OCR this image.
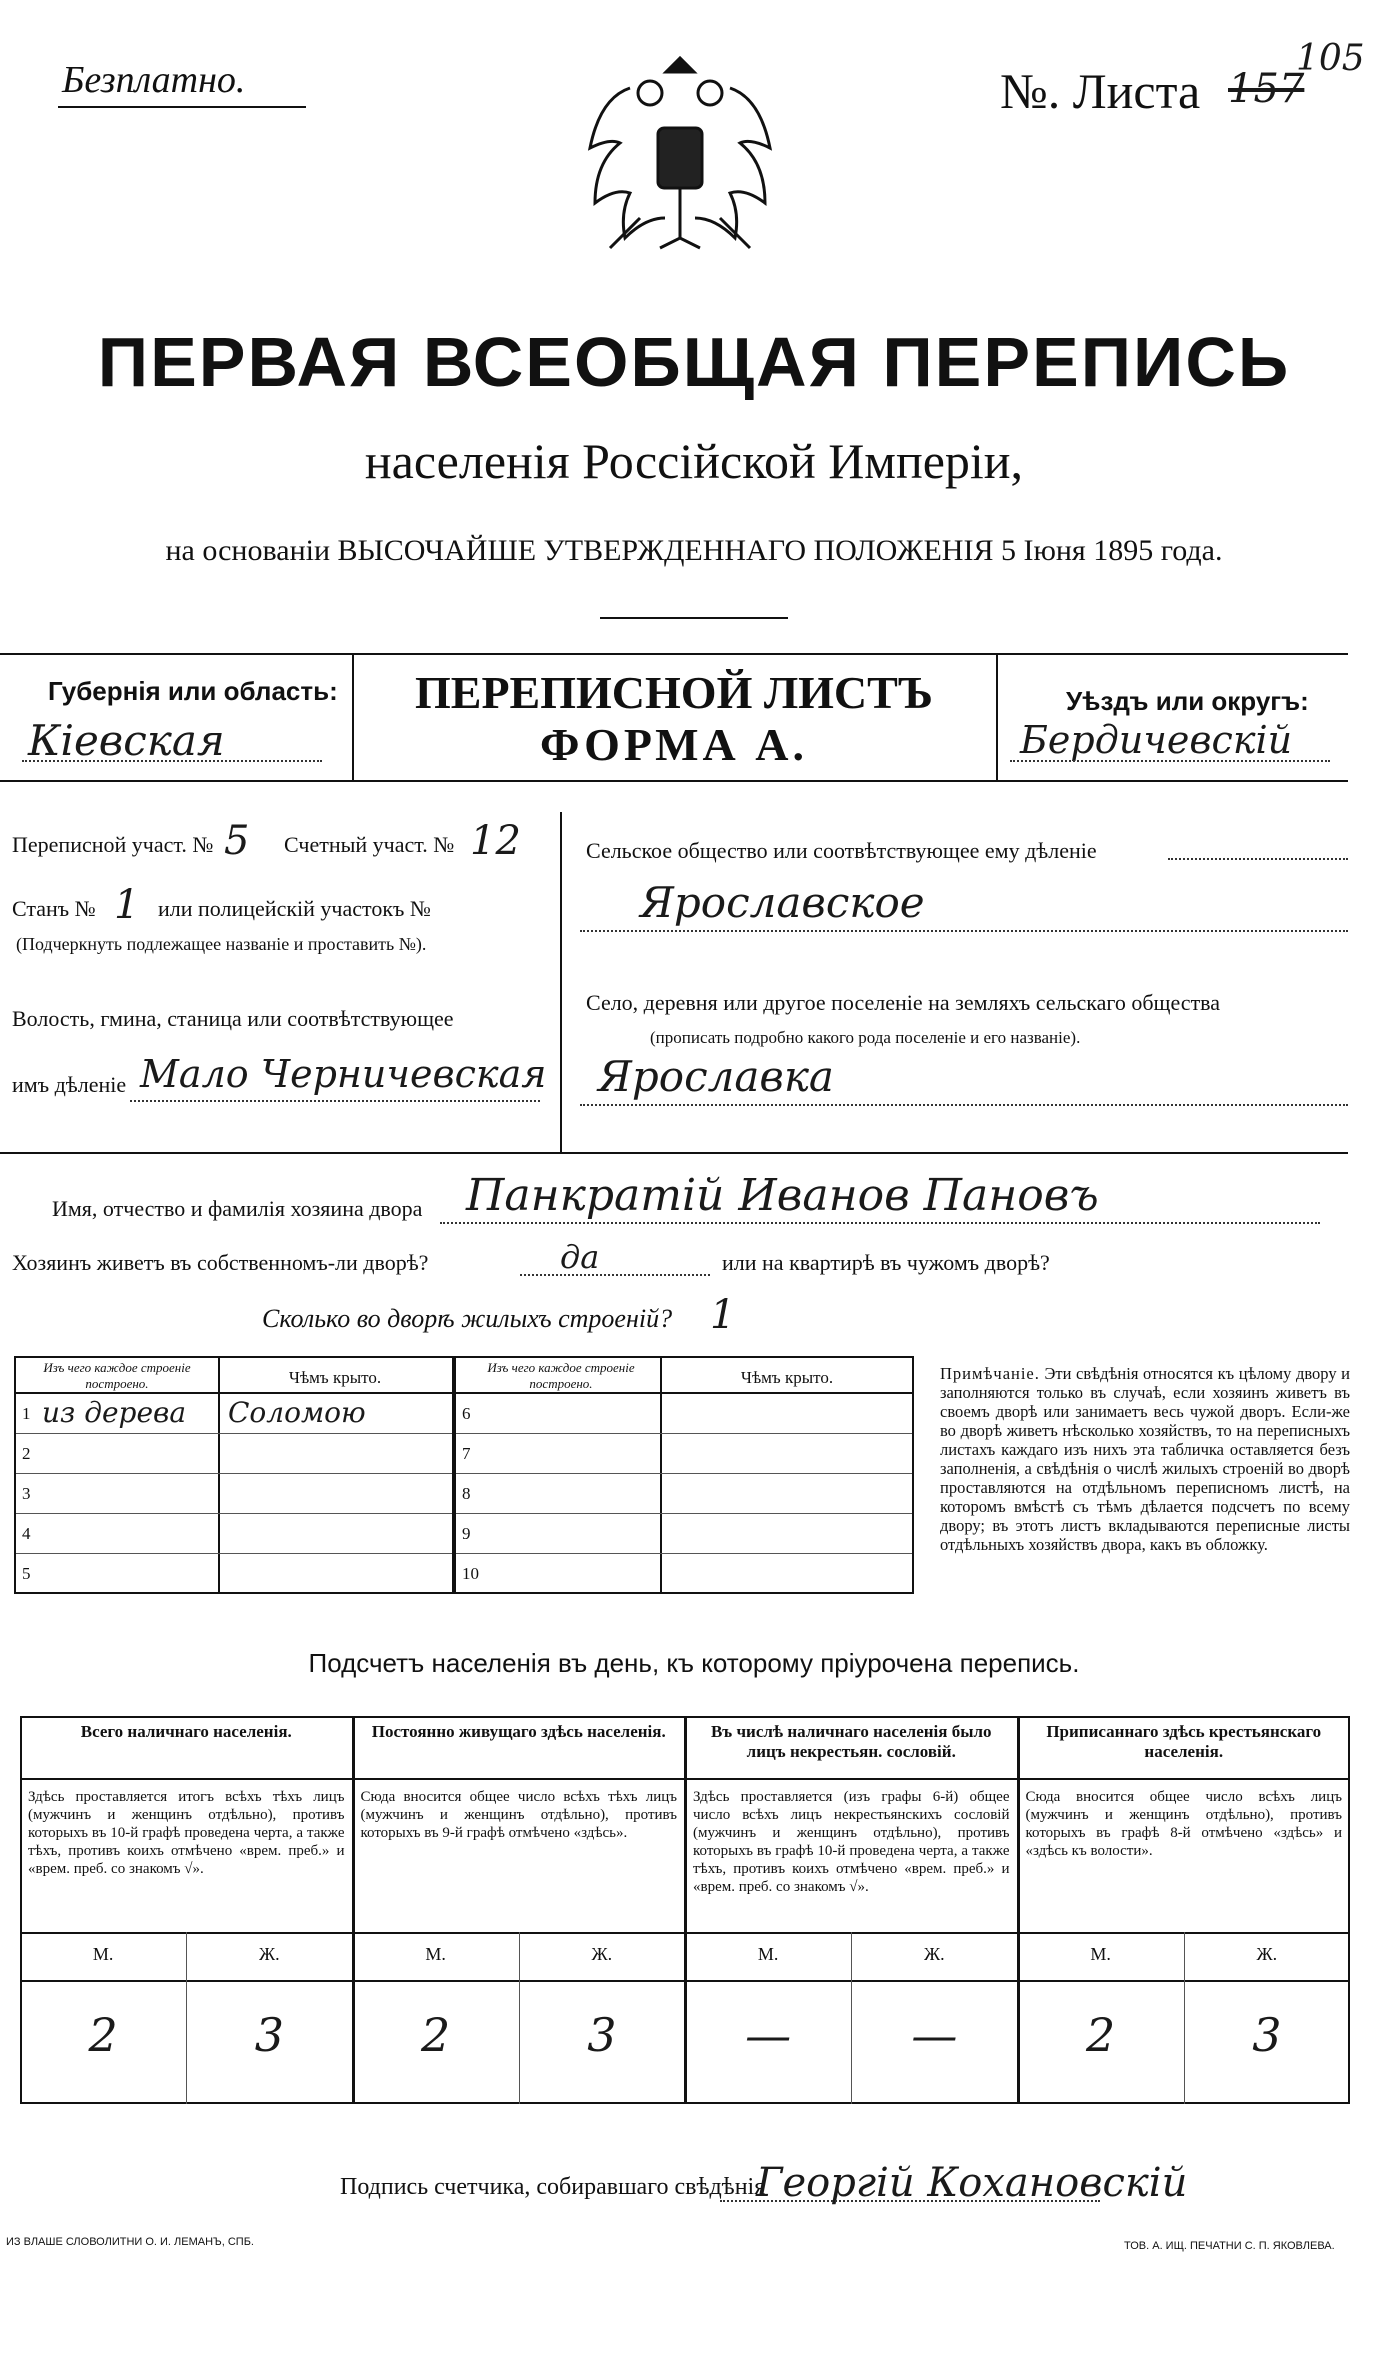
Безплатно.	№. Листа 157
105
ПЕРВАЯ ВСЕОБЩАЯ ПЕРЕПИСЬ
населенія Россійской Имперіи,
на основаніи ВЫСОЧАЙШЕ УТВЕРЖДЕННАГО ПОЛОЖЕНІЯ 5 Іюня 1895 года.
Губернія или область:
Кіевская
ПЕРЕПИСНОЙ ЛИСТЪ
ФОРМА А.
Уѣздъ или округъ:
Бердичевскій
Переписной участ. № 5 Счетный участ. № 12
Станъ № 1 или полицейскій участокъ №
(Подчеркнуть подлежащее названіе и проставить №).
Волость, гмина, станица или соотвѣтствующее
имъ дѣленіе Мало Черничевская
Сельское общество или соотвѣтствующее ему дѣленіе
Ярославское
Село, деревня или другое поселеніе на земляхъ сельскаго общества
(прописать подробно какого рода поселеніе и его названіе).
Ярославка
Имя, отчество и фамилія хозяина двора Панкратій Иванов Пановъ
Хозяинъ живетъ въ собственномъ-ли дворѣ?	да	или на квартирѣ въ чужомъ дворѣ?
Сколько во дворѣ жилыхъ строеній? 1
Изъ чего каждое строеніе построено.	Чѣмъ крыто.
Изъ чего каждое строеніе построено.	Чѣмъ крыто.
1 из дерева Соломою
2
3
4
5
6
7
8
9
10
Примѣчаніе. Эти свѣдѣнія относятся къ цѣлому двору и заполняются только въ случаѣ, если хозяинъ живетъ въ своемъ дворѣ или занимаетъ весь чужой дворъ. Если-же во дворѣ живетъ нѣсколько хозяйствъ, то на переписныхъ листахъ каждаго изъ нихъ эта табличка оставляется безъ заполненія, а свѣдѣнія о числѣ жилыхъ строеній во дворѣ проставляются на отдѣльномъ переписномъ листѣ, на которомъ вмѣстѣ съ тѣмъ дѣлается подсчетъ по всему двору; въ этотъ листъ вкладываются переписные листы отдѣльныхъ хозяйствъ двора, какъ въ обложку.
Подсчетъ населенія въ день, къ которому пріурочена перепись.
Всего наличнаго населенія.
Здѣсь проставляется итогъ всѣхъ тѣхъ лицъ (мужчинъ и женщинъ отдѣльно), противъ которыхъ въ 10-й графѣ проведена черта, а также тѣхъ, противъ коихъ отмѣчено «врем. преб.» и «врем. преб. со знакомъ √».
М.	Ж.
2	3
Постоянно живущаго здѣсь населенія.
Сюда вносится общее число всѣхъ тѣхъ лицъ (мужчинъ и женщинъ отдѣльно), противъ которыхъ въ 9-й графѣ отмѣчено «здѣсь».
М.	Ж.
2	3
Въ числѣ наличнаго населенія было лицъ некрестьян. сословій.
Здѣсь проставляется (изъ графы 6-й) общее число всѣхъ лицъ некрестьянскихъ сословій (мужчинъ и женщинъ отдѣльно), противъ которыхъ въ графѣ 10-й проведена черта, а также тѣхъ, противъ коихъ отмѣчено «врем. преб.» и «врем. преб. со знакомъ √».
М.	Ж.
—	—
Приписаннаго здѣсь крестьянскаго населенія.
Сюда вносится общее число всѣхъ лицъ (мужчинъ и женщинъ отдѣльно), противъ которыхъ въ графѣ 8-й отмѣчено «здѣсь» и «здѣсь къ волости».
М.	Ж.
2	3
Подпись счетчика, собиравшаго свѣдѣнія
Георгій Кохановскій
ИЗ ВЛАШЕ СЛОВОЛИТНИ О. И. ЛЕМАНЪ, СПБ.	ТОВ. А. ИЩ. ПЕЧАТНИ С. П. ЯКОВЛЕВА.
